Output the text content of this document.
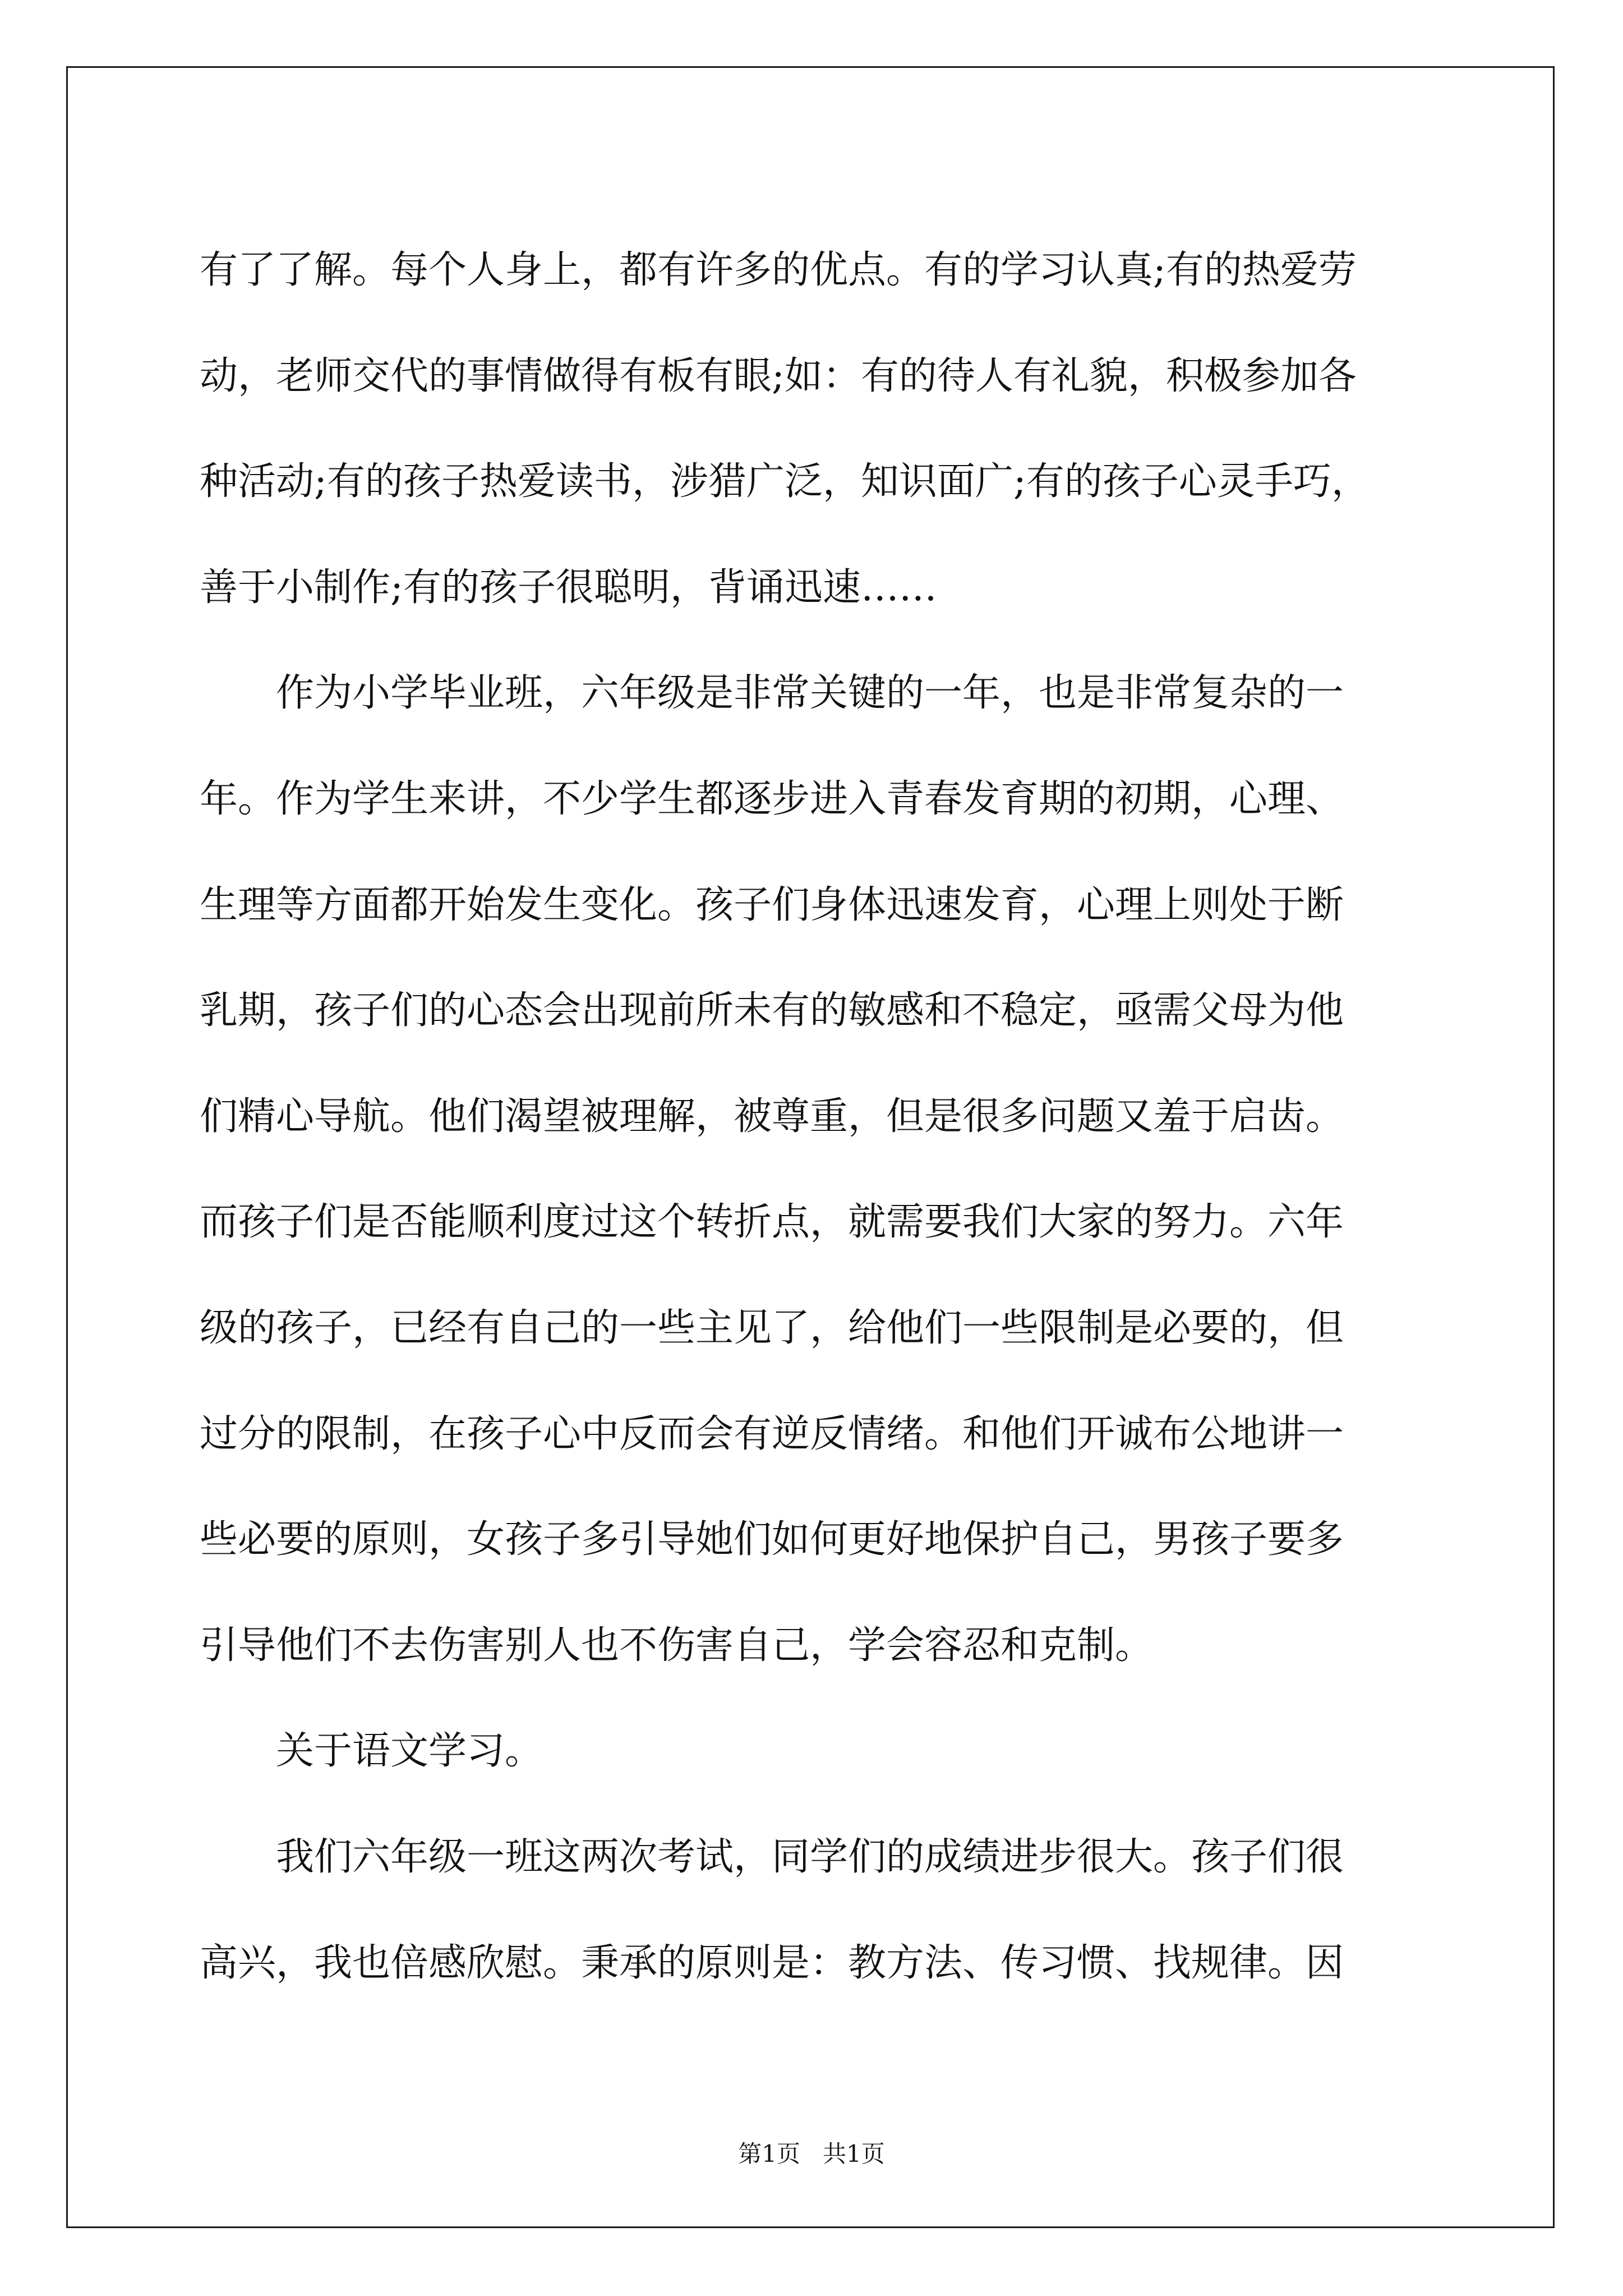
有了了解。每个人身上，都有许多的优点。有的学习认真;有的热爱劳
动，老师交代的事情做得有板有眼;如：有的待人有礼貌，积极参加各
种活动;有的孩子热爱读书，涉猎广泛，知识面广;有的孩子心灵手巧，
善于小制作;有的孩子很聪明，背诵迅速……
作为小学毕业班，六年级是非常关键的一年，也是非常复杂的一
年。作为学生来讲，不少学生都逐步进入青春发育期的初期，心理、
生理等方面都开始发生变化。孩子们身体迅速发育，心理上则处于断
乳期，孩子们的心态会出现前所未有的敏感和不稳定，亟需父母为他
们精心导航。他们渴望被理解，被尊重，但是很多问题又羞于启齿。
而孩子们是否能顺利度过这个转折点，就需要我们大家的努力。六年
级的孩子，已经有自己的一些主见了，给他们一些限制是必要的，但
过分的限制，在孩子心中反而会有逆反情绪。和他们开诚布公地讲一
些必要的原则，女孩子多引导她们如何更好地保护自己，男孩子要多
引导他们不去伤害别人也不伤害自己，学会容忍和克制。
关于语文学习。
我们六年级一班这两次考试，同学们的成绩进步很大。孩子们很
高兴，我也倍感欣慰。秉承的原则是：教方法、传习惯、找规律。因
第1页   共1页
